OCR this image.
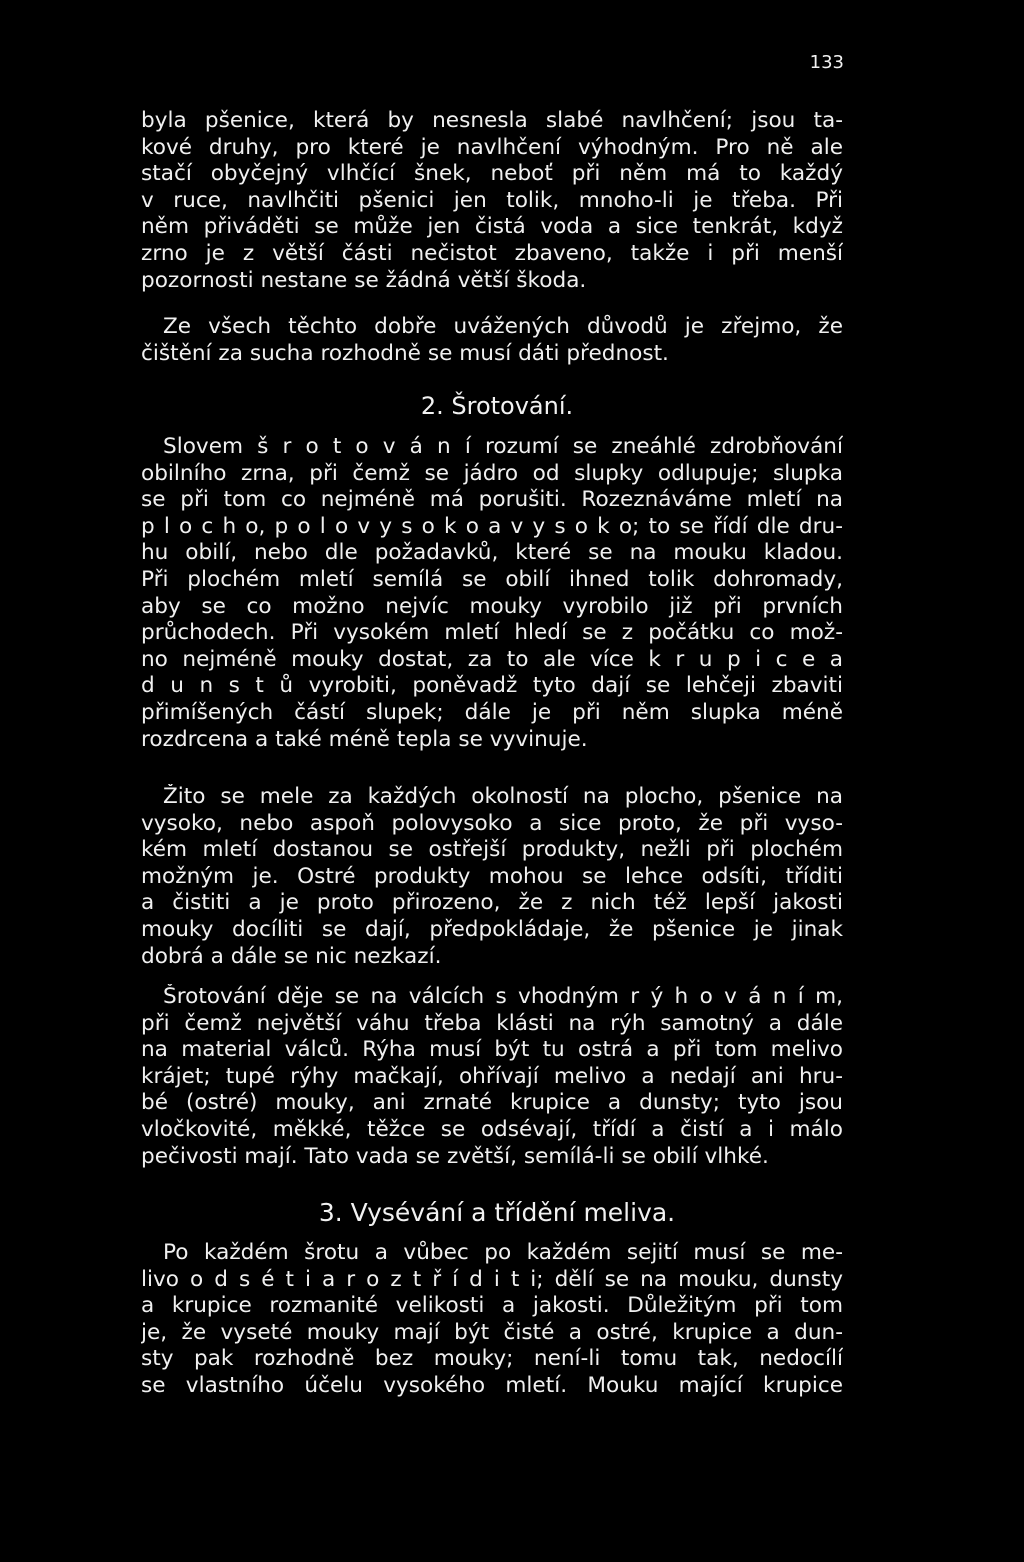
133
byla pšenice, která by nesnesla slabé navlhčení; jsou ta-
kové druhy, pro které je navlhčení výhodným. Pro ně ale
stačí obyčejný vlhčící šnek, neboť při něm má to každý
v ruce, navlhčiti pšenici jen tolik, mnoho-li je třeba. Při
něm přiváděti se může jen čistá voda a sice tenkrát, když
zrno je z větší části nečistot zbaveno, takže i při menší
pozornosti nestane se žádná větší škoda.
Ze všech těchto dobře uvážených důvodů je zřejmo, že
čištění za sucha rozhodně se musí dáti přednost.
2. Šrotování.
Slovem š r o t o v á n í rozumí se zneáhlé zdrobňování
obilního zrna, při čemž se jádro od slupky odlupuje; slupka
se při tom co nejméně má porušiti. Rozeznáváme mletí na
p l o c h o, p o l o v y s o k o a v y s o k o; to se řídí dle dru-
hu obilí, nebo dle požadavků, které se na mouku kladou.
Při plochém mletí semílá se obilí ihned tolik dohromady,
aby se co možno nejvíc mouky vyrobilo již při prvních
průchodech. Při vysokém mletí hledí se z počátku co mož-
no nejméně mouky dostat, za to ale více k r u p i c e a
d u n s t ů vyrobiti, poněvadž tyto dají se lehčeji zbaviti
přimíšených částí slupek; dále je při něm slupka méně
rozdrcena a také méně tepla se vyvinuje.
Žito se mele za každých okolností na plocho, pšenice na
vysoko, nebo aspoň polovysoko a sice proto, že při vyso-
kém mletí dostanou se ostřejší produkty, nežli při plochém
možným je. Ostré produkty mohou se lehce odsíti, tříditi
a čistiti a je proto přirozeno, že z nich též lepší jakosti
mouky docíliti se dají, předpokládaje, že pšenice je jinak
dobrá a dále se nic nezkazí.
Šrotování děje se na válcích s vhodným r ý h o v á n í m,
při čemž největší váhu třeba klásti na rýh samotný a dále
na material válců. Rýha musí být tu ostrá a při tom melivo
krájet; tupé rýhy mačkají, ohřívají melivo a nedají ani hru-
bé (ostré) mouky, ani zrnaté krupice a dunsty; tyto jsou
vločkovité, měkké, těžce se odsévají, třídí a čistí a i málo
pečivosti mají. Tato vada se zvětší, semílá-li se obilí vlhké.
3. Vysévání a třídění meliva.
Po každém šrotu a vůbec po každém sejití musí se me-
livo o d s é t i a r o z t ř í d i t i; dělí se na mouku, dunsty
a krupice rozmanité velikosti a jakosti. Důležitým při tom
je, že vyseté mouky mají být čisté a ostré, krupice a dun-
sty pak rozhodně bez mouky; není-li tomu tak, nedocílí
se vlastního účelu vysokého mletí. Mouku mající krupice
